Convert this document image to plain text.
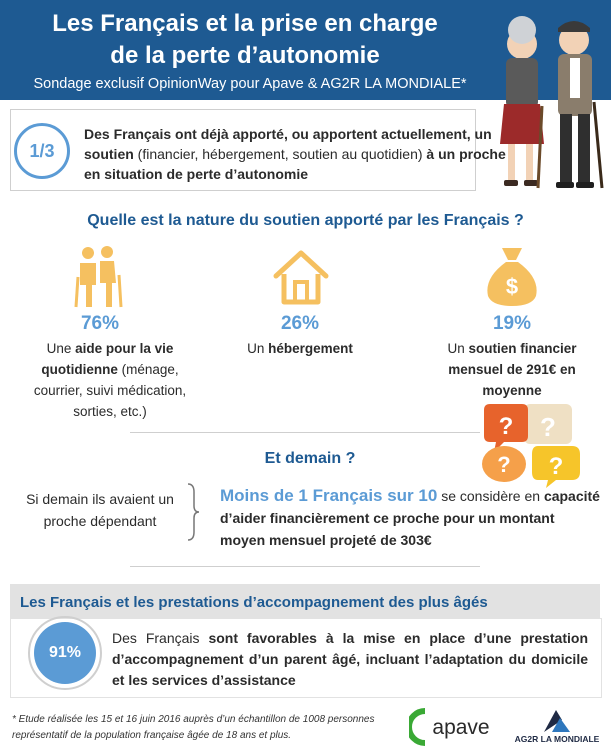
Les Français et la prise en charge
de la perte d’autonomie
Sondage exclusif OpinionWay pour Apave & AG2R LA MONDIALE*
1/3
Des Français ont déjà apporté, ou apportent actuellement, un soutien (financier, hébergement, soutien au quotidien) à un proche en situation de perte d’autonomie
Quelle est la nature du soutien apporté par les Français ?
76%
Une aide pour la vie quotidienne (ménage, courrier, suivi médication, sorties, etc.)
26%
Un hébergement
$
19%
Un soutien financier mensuel de 291€ en moyenne
?
?
? ?
Et demain ?
Si demain ils avaient un proche dépendant
Moins de 1 Français sur 10 se considère en capacité d’aider financièrement ce proche pour un montant moyen mensuel projeté de 303€
Les Français et les prestations d’accompagnement des plus âgés
91%
Des Français sont favorables à la mise en place d’une prestation d’accompagnement d’un parent âgé, incluant l’adaptation du domicile et les services d’assistance
* Etude réalisée les 15 et 16 juin 2016 auprès d’un échantillon de 1008 personnes représentatif de la population française âgée de 18 ans et plus.	apave	AG2R LA MONDIALE
